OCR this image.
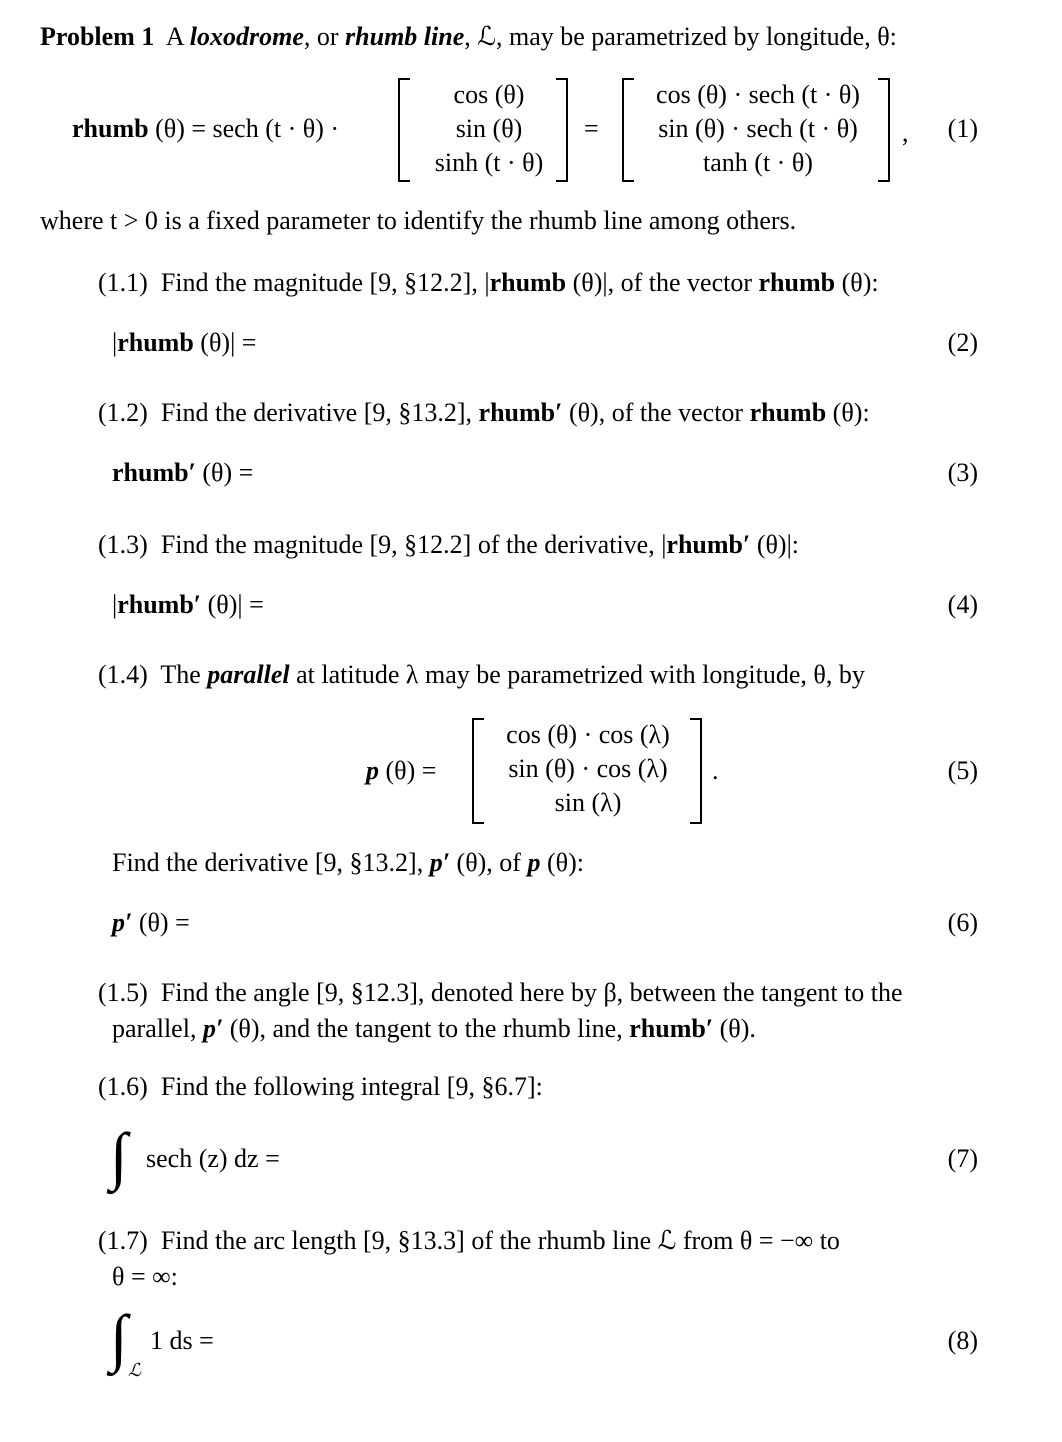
Problem 1 A loxodrome, or rhumb line, ℒ, may be parametrized by longitude, θ:
rhumb (θ) = sech (t · θ) ·
cos (θ)
sin (θ)
sinh (t · θ)
=
cos (θ) · sech (t · θ)
sin (θ) · sech (t · θ)
tanh (t · θ)
, (1)
where t > 0 is a fixed parameter to identify the rhumb line among others.
(1.1) Find the magnitude [9, §12.2], |rhumb (θ)|, of the vector rhumb (θ):
|rhumb (θ)| =	(2)
(1.2) Find the derivative [9, §13.2], rhumb′ (θ), of the vector rhumb (θ):
rhumb′ (θ) =	(3)
(1.3) Find the magnitude [9, §12.2] of the derivative, |rhumb′ (θ)|:
|rhumb′ (θ)| =	(4)
(1.4) The parallel at latitude λ may be parametrized with longitude, θ, by
p (θ) =
cos (θ) · cos (λ)
sin (θ) · cos (λ)
sin (λ)
.	(5)
Find the derivative [9, §13.2], p′ (θ), of p (θ):
p′ (θ) =	(6)
(1.5) Find the angle [9, §12.3], denoted here by β, between the tangent to the
parallel, p′ (θ), and the tangent to the rhumb line, rhumb′ (θ).
(1.6) Find the following integral [9, §6.7]:
∫ sech (z) dz =	(7)
(1.7) Find the arc length [9, §13.3] of the rhumb line ℒ from θ = −∞ to
θ = ∞:
∫ ℒ
1 ds =	(8)
